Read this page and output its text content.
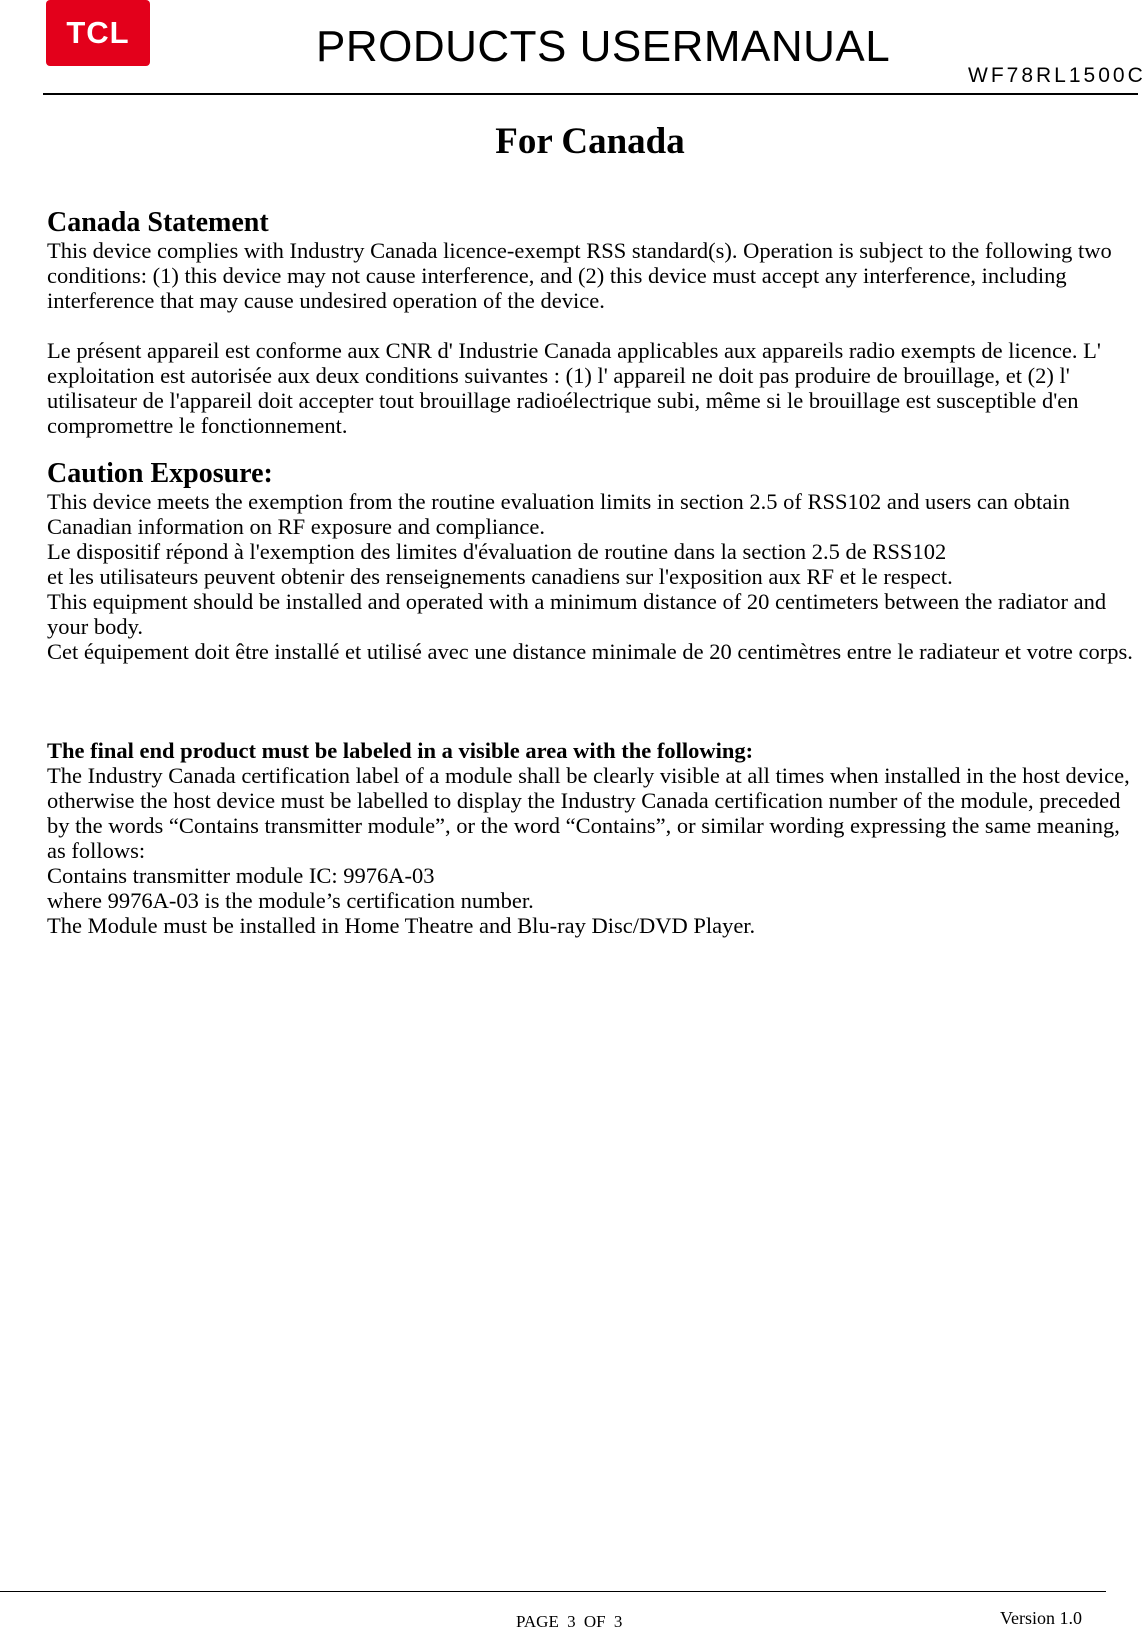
TCL	PRODUCTS USERMANUAL
WF78RL1500C
For Canada

Canada Statement

This device complies with Industry Canada licence-exempt RSS standard(s). Operation is subject to the following two conditions: (1) this device may not cause interference, and (2) this device must accept any interference, including interference that may cause undesired operation of the device.

Le présent appareil est conforme aux CNR d' Industrie Canada applicables aux appareils radio exempts de licence. L' exploitation est autorisée aux deux conditions suivantes : (1) l' appareil ne doit pas produire de brouillage, et (2) l' utilisateur de l'appareil doit accepter tout brouillage radioélectrique subi, même si le brouillage est susceptible d'en compromettre le fonctionnement.

Caution Exposure:

This device meets the exemption from the routine evaluation limits in section 2.5 of RSS102 and users can obtain Canadian information on RF exposure and compliance.

Le dispositif répond à l'exemption des limites d'évaluation de routine dans la section 2.5 de RSS102

et les utilisateurs peuvent obtenir des renseignements canadiens sur l'exposition aux RF et le respect.

This equipment should be installed and operated with a minimum distance of 20 centimeters between the radiator and your body.

Cet équipement doit être installé et utilisé avec une distance minimale de 20 centimètres entre le radiateur et votre corps.

The final end product must be labeled in a visible area with the following:

The Industry Canada certification label of a module shall be clearly visible at all times when installed in the host device, otherwise the host device must be labelled to display the Industry Canada certification number of the module, preceded by the words “Contains transmitter module”, or the word “Contains”, or similar wording expressing the same meaning, as follows:

Contains transmitter module IC: 9976A-03

where 9976A-03 is the module’s certification number.

The Module must be installed in Home Theatre and Blu-ray Disc/DVD Player.

PAGE 3 OF 3	Version 1.0
